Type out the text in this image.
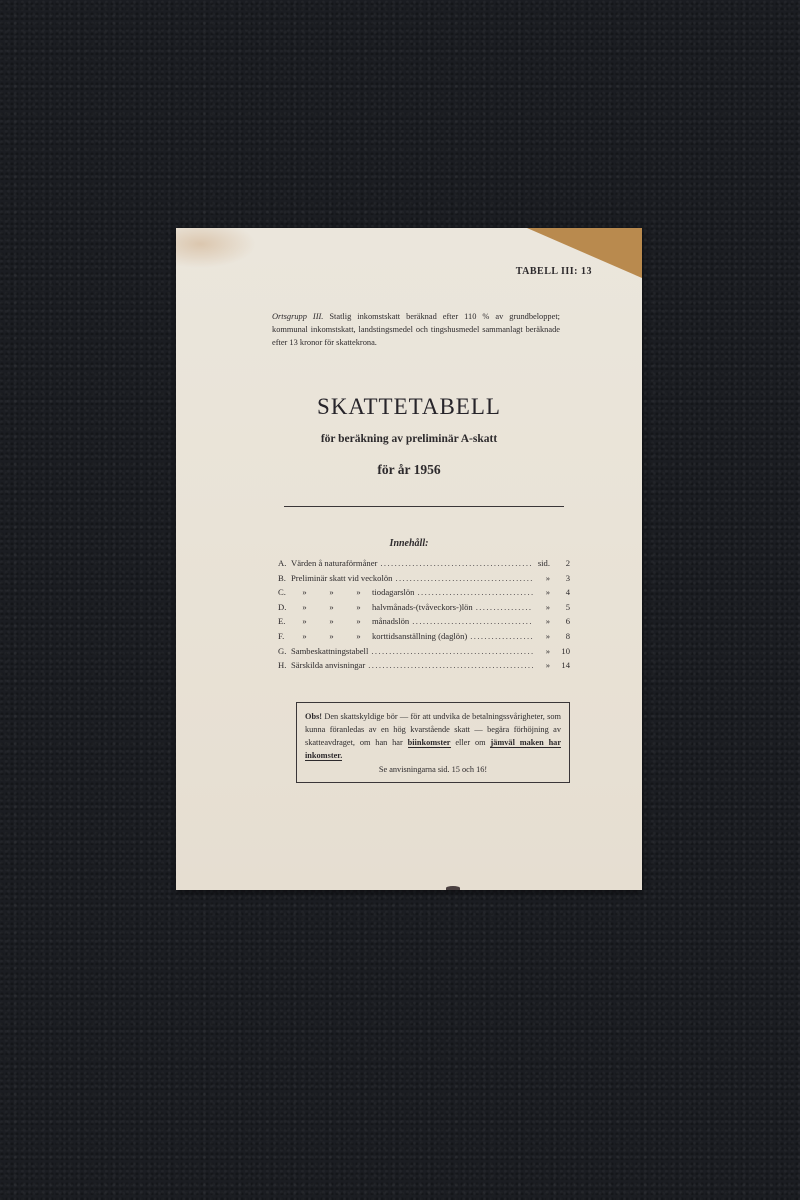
TABELL III: 13
Ortsgrupp III. Statlig inkomstskatt beräknad efter 110 % av grundbeloppet; kommunal inkomstskatt, landstingsmedel och tingshusmedel sammanlagt beräknade efter 13 kronor för skattekrona.
SKATTETABELL
för beräkning av preliminär A-skatt
för år 1956
Innehåll:
A. Värden å naturaförmåner .....	sid.	2
B. Preliminär skatt vid veckolön .....	»	3
C.	»	»	»	tiodagarslön .....	»	4
D.	»	»	»	halvmånads-(tvåveckors-)lön .....	»	5
E.	»	»	»	månadslön .....	»	6
F.	»	»	»	korttidsanställning (daglön) .....	»	8
G. Sambeskattningstabell .....	»	10
H. Särskilda anvisningar .....	»	14
Obs! Den skattskyldige bör — för att undvika de betalningssvårigheter, som kunna föranledas av en hög kvarstående skatt — begära förhöjning av skatteavdraget, om han har biinkomster eller om jämväl maken har inkomster.
Se anvisningarna sid. 15 och 16!
